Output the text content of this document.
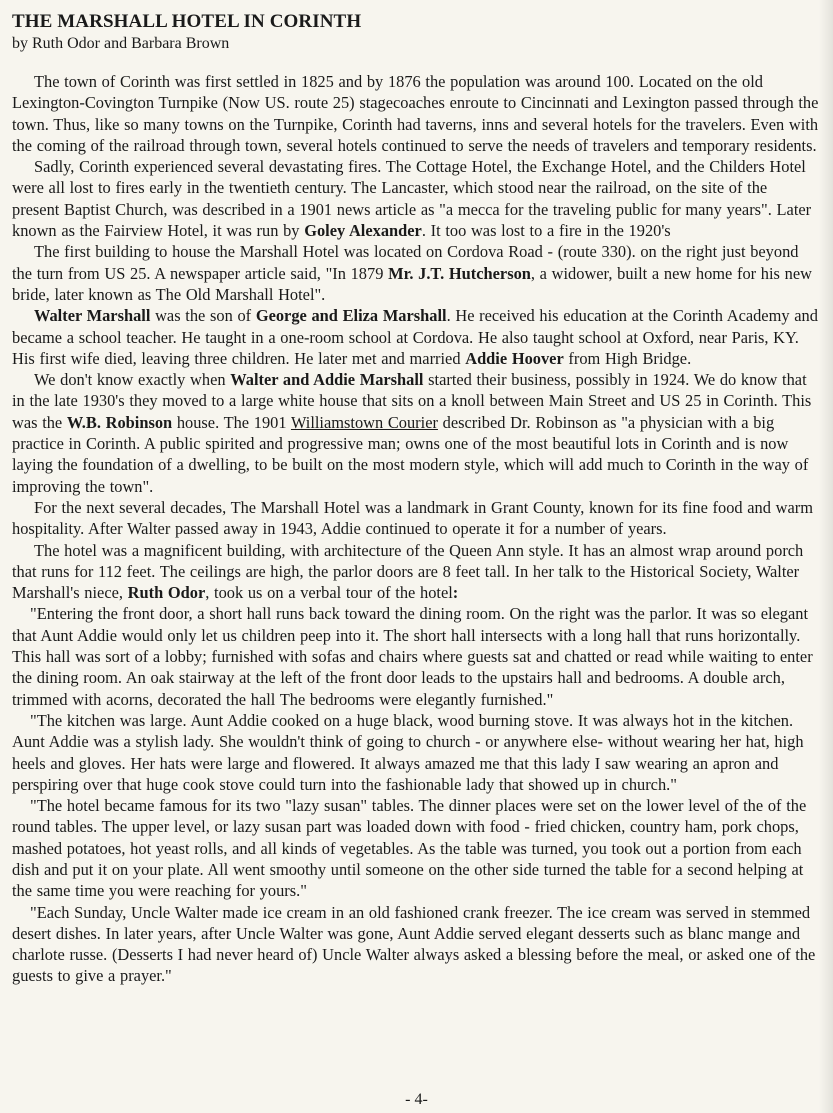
THE MARSHALL HOTEL IN CORINTH
by Ruth Odor and Barbara Brown

The town of Corinth was first settled in 1825 and by 1876 the population was around 100. Located on the old Lexington-Covington Turnpike (Now US. route 25) stagecoaches enroute to Cincinnati and Lexington passed through the town. Thus, like so many towns on the Turnpike, Corinth had taverns, inns and several hotels for the travelers. Even with the coming of the railroad through town, several hotels continued to serve the needs of travelers and temporary residents.

Sadly, Corinth experienced several devastating fires. The Cottage Hotel, the Exchange Hotel, and the Childers Hotel were all lost to fires early in the twentieth century. The Lancaster, which stood near the railroad, on the site of the present Baptist Church, was described in a 1901 news article as "a mecca for the traveling public for many years". Later known as the Fairview Hotel, it was run by Goley Alexander. It too was lost to a fire in the 1920's

The first building to house the Marshall Hotel was located on Cordova Road - (route 330). on the right just beyond the turn from US 25. A newspaper article said, "In 1879 Mr. J.T. Hutcherson, a widower, built a new home for his new bride, later known as The Old Marshall Hotel".

Walter Marshall was the son of George and Eliza Marshall. He received his education at the Corinth Academy and became a school teacher. He taught in a one-room school at Cordova. He also taught school at Oxford, near Paris, KY. His first wife died, leaving three children. He later met and married Addie Hoover from High Bridge.

We don't know exactly when Walter and Addie Marshall started their business, possibly in 1924. We do know that in the late 1930's they moved to a large white house that sits on a knoll between Main Street and US 25 in Corinth. This was the W.B. Robinson house. The 1901 Williamstown Courier described Dr. Robinson as "a physician with a big practice in Corinth. A public spirited and progressive man; owns one of the most beautiful lots in Corinth and is now laying the foundation of a dwelling, to be built on the most modern style, which will add much to Corinth in the way of improving the town".

For the next several decades, The Marshall Hotel was a landmark in Grant County, known for its fine food and warm hospitality. After Walter passed away in 1943, Addie continued to operate it for a number of years.

The hotel was a magnificent building, with architecture of the Queen Ann style. It has an almost wrap around porch that runs for 112 feet. The ceilings are high, the parlor doors are 8 feet tall. In her talk to the Historical Society, Walter Marshall's niece, Ruth Odor, took us on a verbal tour of the hotel:

"Entering the front door, a short hall runs back toward the dining room. On the right was the parlor. It was so elegant that Aunt Addie would only let us children peep into it. The short hall intersects with a long hall that runs horizontally. This hall was sort of a lobby; furnished with sofas and chairs where guests sat and chatted or read while waiting to enter the dining room. An oak stairway at the left of the front door leads to the upstairs hall and bedrooms. A double arch, trimmed with acorns, decorated the hall The bedrooms were elegantly furnished."

"The kitchen was large. Aunt Addie cooked on a huge black, wood burning stove. It was always hot in the kitchen. Aunt Addie was a stylish lady. She wouldn't think of going to church - or anywhere else- without wearing her hat, high heels and gloves. Her hats were large and flowered. It always amazed me that this lady I saw wearing an apron and perspiring over that huge cook stove could turn into the fashionable lady that showed up in church."

"The hotel became famous for its two "lazy susan" tables. The dinner places were set on the lower level of the of the round tables. The upper level, or lazy susan part was loaded down with food - fried chicken, country ham, pork chops, mashed potatoes, hot yeast rolls, and all kinds of vegetables. As the table was turned, you took out a portion from each dish and put it on your plate. All went smoothy until someone on the other side turned the table for a second helping at the same time you were reaching for yours."

"Each Sunday, Uncle Walter made ice cream in an old fashioned crank freezer. The ice cream was served in stemmed desert dishes. In later years, after Uncle Walter was gone, Aunt Addie served elegant desserts such as blanc mange and charlote russe. (Desserts I had never heard of) Uncle Walter always asked a blessing before the meal, or asked one of the guests to give a prayer."

- 4-
